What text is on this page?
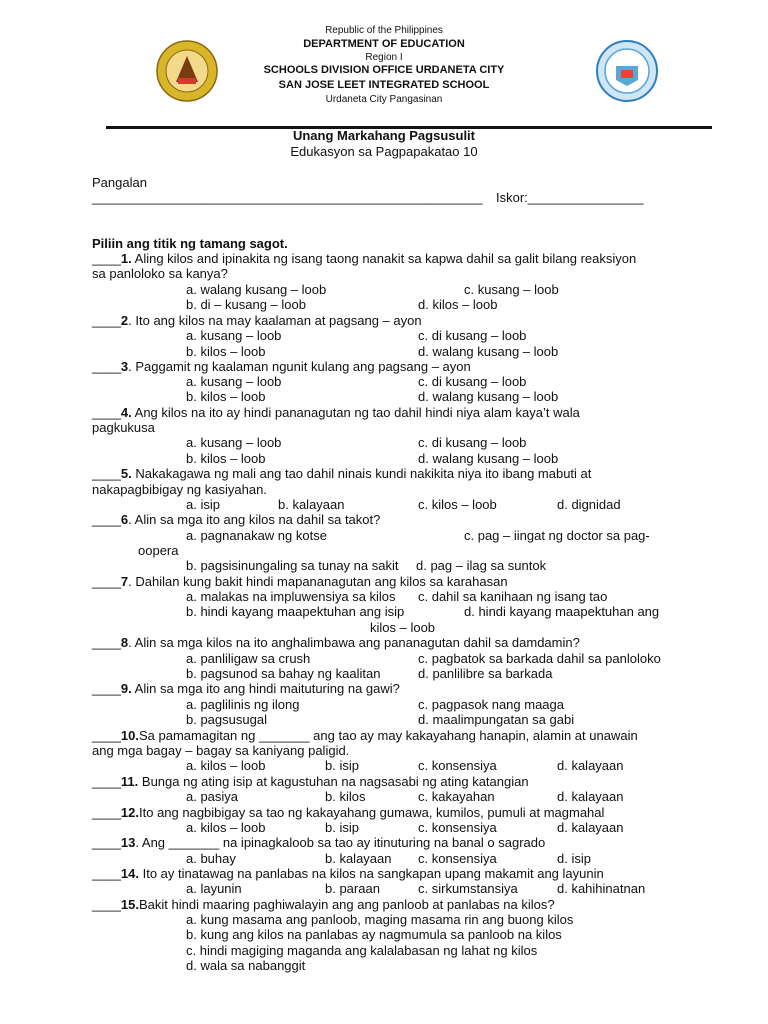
Republic of the Philippines
DEPARTMENT OF EDUCATION
Region I
SCHOOLS DIVISION OFFICE URDANETA CITY
SAN JOSE LEET INTEGRATED SCHOOL
Urdaneta City Pangasinan
Unang Markahang Pagsusulit
Edukasyon sa Pagpapakatao 10
Pangalan
______________________________________________________ Iskor:________________
Piliin ang titik ng tamang sagot.
____1. Aling kilos and ipinakita ng isang taong nanakit sa kapwa dahil sa galit bilang reaksiyon
sa panloloko sa kanya?
a. walang kusang – loob	c. kusang – loob
b. di – kusang – loob	d. kilos – loob
____2. Ito ang kilos na may kaalaman at pagsang – ayon
a. kusang – loob	c. di kusang – loob
b. kilos – loob	d. walang kusang – loob
____3. Paggamit ng kaalaman ngunit kulang ang pagsang – ayon
a. kusang – loob	c. di kusang – loob
b. kilos – loob	d. walang kusang – loob
____4. Ang kilos na ito ay hindi pananagutan ng tao dahil hindi niya alam kaya’t wala
pagkukusa
a. kusang – loob	c. di kusang – loob
b. kilos – loob	d. walang kusang – loob
____5. Nakakagawa ng mali ang tao dahil ninais kundi nakikita niya ito ibang mabuti at
nakapagbibigay ng kasiyahan.
a. isip	b. kalayaan	c. kilos – loob	d. dignidad
____6. Alin sa mga ito ang kilos na dahil sa takot?
a. pagnanakaw ng kotse	c. pag – iingat ng doctor sa pag-
oopera
b. pagsisinungaling sa tunay na sakit d. pag – ilag sa suntok
____7. Dahilan kung bakit hindi mapananagutan ang kilos sa karahasan
a. malakas na impluwensiya sa kilos c. dahil sa kanihaan ng isang tao
b. hindi kayang maapektuhan ang isip	d. hindi kayang maapektuhan ang
kilos – loob
____8. Alin sa mga kilos na ito anghalimbawa ang pananagutan dahil sa damdamin?
a. panliligaw sa crush	c. pagbatok sa barkada dahil sa panloloko
b. pagsunod sa bahay ng kaalitan	d. panlilibre sa barkada
____9. Alin sa mga ito ang hindi maituturing na gawi?
a. paglilinis ng ilong	c. pagpasok nang maaga
b. pagsusugal	d. maalimpungatan sa gabi
____10.Sa pamamagitan ng _______ ang tao ay may kakayahang hanapin, alamin at unawain
ang mga bagay – bagay sa kaniyang paligid.
a. kilos – loob	b. isip	c. konsensiya	d. kalayaan
____11. Bunga ng ating isip at kagustuhan na nagsasabi ng ating katangian
a. pasiya	b. kilos	c. kakayahan	d. kalayaan
____12.Ito ang nagbibigay sa tao ng kakayahang gumawa, kumilos, pumuli at magmahal
a. kilos – loob	b. isip	c. konsensiya	d. kalayaan
____13. Ang _______ na ipinagkaloob sa tao ay itinuturing na banal o sagrado
a. buhay	b. kalayaan c. konsensiya	d. isip
____14. Ito ay tinatawag na panlabas na kilos na sangkapan upang makamit ang layunin
a. layunin	b. paraan	c. sirkumstansiya	d. kahihinatnan
____15.Bakit hindi maaring paghiwalayin ang ang panloob at panlabas na kilos?
a. kung masama ang panloob, maging masama rin ang buong kilos
b. kung ang kilos na panlabas ay nagmumula sa panloob na kilos
c. hindi magiging maganda ang kalalabasan ng lahat ng kilos
d. wala sa nabanggit
